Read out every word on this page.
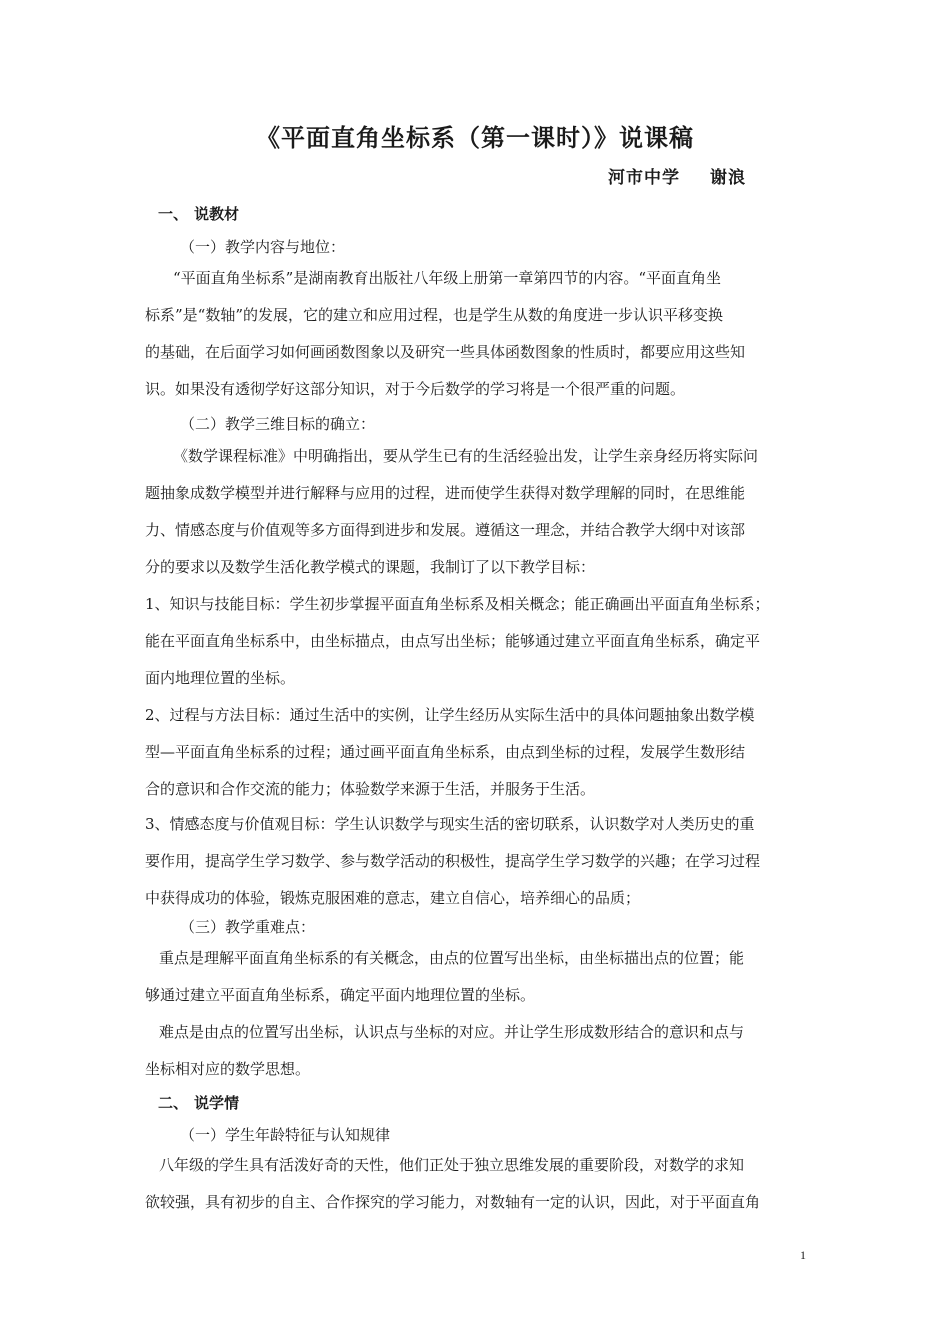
《平面直角坐标系（第一课时）》说课稿
河市中学 谢浪
一、 说教材
（一）教学内容与地位：
“平面直角坐标系”是湖南教育出版社八年级上册第一章第四节的内容。“平面直角坐
标系”是“数轴”的发展，它的建立和应用过程，也是学生从数的角度进一步认识平移变换
的基础，在后面学习如何画函数图象以及研究一些具体函数图象的性质时，都要应用这些知
识。如果没有透彻学好这部分知识，对于今后数学的学习将是一个很严重的问题。
（二）教学三维目标的确立：
《数学课程标准》中明确指出，要从学生已有的生活经验出发，让学生亲身经历将实际问
题抽象成数学模型并进行解释与应用的过程，进而使学生获得对数学理解的同时，在思维能
力、情感态度与价值观等多方面得到进步和发展。遵循这一理念，并结合教学大纲中对该部
分的要求以及数学生活化教学模式的课题，我制订了以下教学目标：
1、知识与技能目标：学生初步掌握平面直角坐标系及相关概念；能正确画出平面直角坐标系；
能在平面直角坐标系中，由坐标描点，由点写出坐标；能够通过建立平面直角坐标系，确定平
面内地理位置的坐标。
2、过程与方法目标：通过生活中的实例，让学生经历从实际生活中的具体问题抽象出数学模
型—平面直角坐标系的过程；通过画平面直角坐标系，由点到坐标的过程，发展学生数形结
合的意识和合作交流的能力；体验数学来源于生活，并服务于生活。
3、情感态度与价值观目标：学生认识数学与现实生活的密切联系，认识数学对人类历史的重
要作用，提高学生学习数学、参与数学活动的积极性，提高学生学习数学的兴趣；在学习过程
中获得成功的体验，锻炼克服困难的意志，建立自信心，培养细心的品质；
（三）教学重难点：
重点是理解平面直角坐标系的有关概念，由点的位置写出坐标，由坐标描出点的位置；能
够通过建立平面直角坐标系，确定平面内地理位置的坐标。
难点是由点的位置写出坐标，认识点与坐标的对应。并让学生形成数形结合的意识和点与
坐标相对应的数学思想。
二、 说学情
（一）学生年龄特征与认知规律
八年级的学生具有活泼好奇的天性，他们正处于独立思维发展的重要阶段，对数学的求知
欲较强，具有初步的自主、合作探究的学习能力，对数轴有一定的认识，因此，对于平面直角
1
